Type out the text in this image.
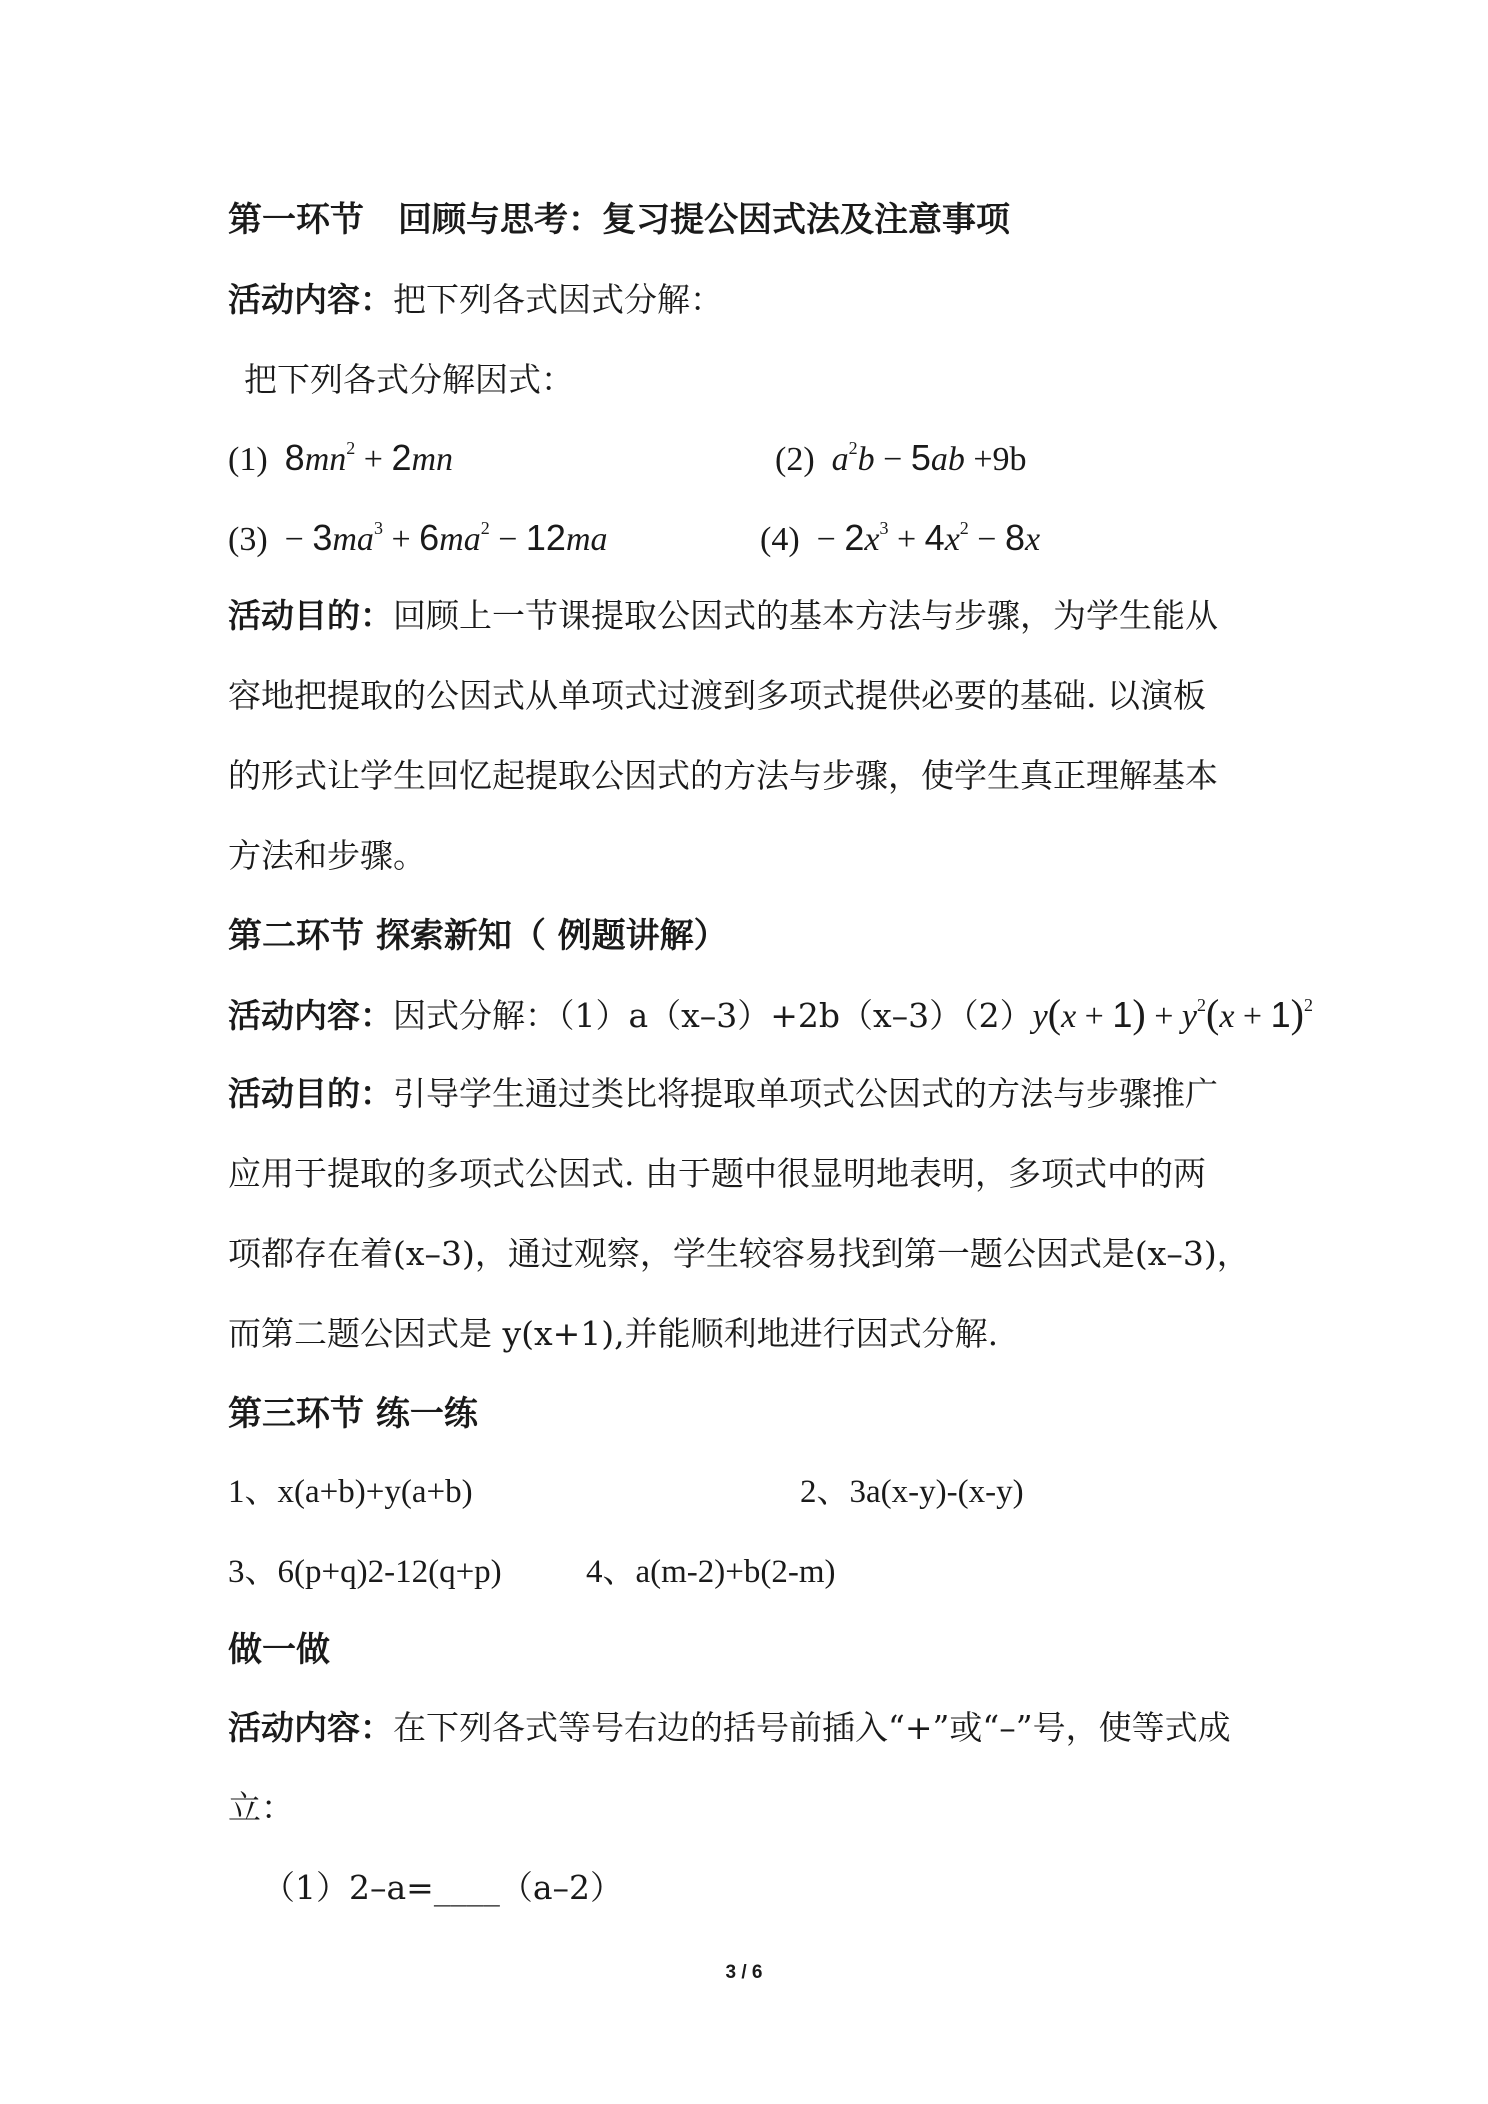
第一环节　回顾与思考：复习提公因式法及注意事项
活动内容：把下列各式因式分解：
把下列各式分解因式：
(1) $8mn^2 + 2mn$	(2) $a^2b - 5ab +9b$
$(3) - 3ma^3 + 6ma^2 - 12ma$	$(4) - 2x^3 + 4x^2 - 8x$
活动目的：回顾上一节课提取公因式的基本方法与步骤，为学生能从
容地把提取的公因式从单项式过渡到多项式提供必要的基础. 以演板
的形式让学生回忆起提取公因式的方法与步骤，使学生真正理解基本
方法和步骤。
第二环节 探索新知（ 例题讲解）
活动内容：因式分解：$(1)a(x-3)+2b(x-3)(2)y(x + 1) + y^2(x + 1)^2$
活动目的：引导学生通过类比将提取单项式公因式的方法与步骤推广
应用于提取的多项式公因式. 由于题中很显明地表明，多项式中的两
项都存在着(x–3)，通过观察，学生较容易找到第一题公因式是(x–3)，
而第二题公因式是 y(x+1),并能顺利地进行因式分解.
第三环节 练一练
1、x(a+b)+y(a+b)	2、3a(x-y)-(x-y)
3、6(p+q)2-12(q+p)	4、a(m-2)+b(2-m)
做一做
活动内容：在下列各式等号右边的括号前插入“+”或“–”号，使等式成
立：
（1）2–a=____（a–2）
3 / 6
